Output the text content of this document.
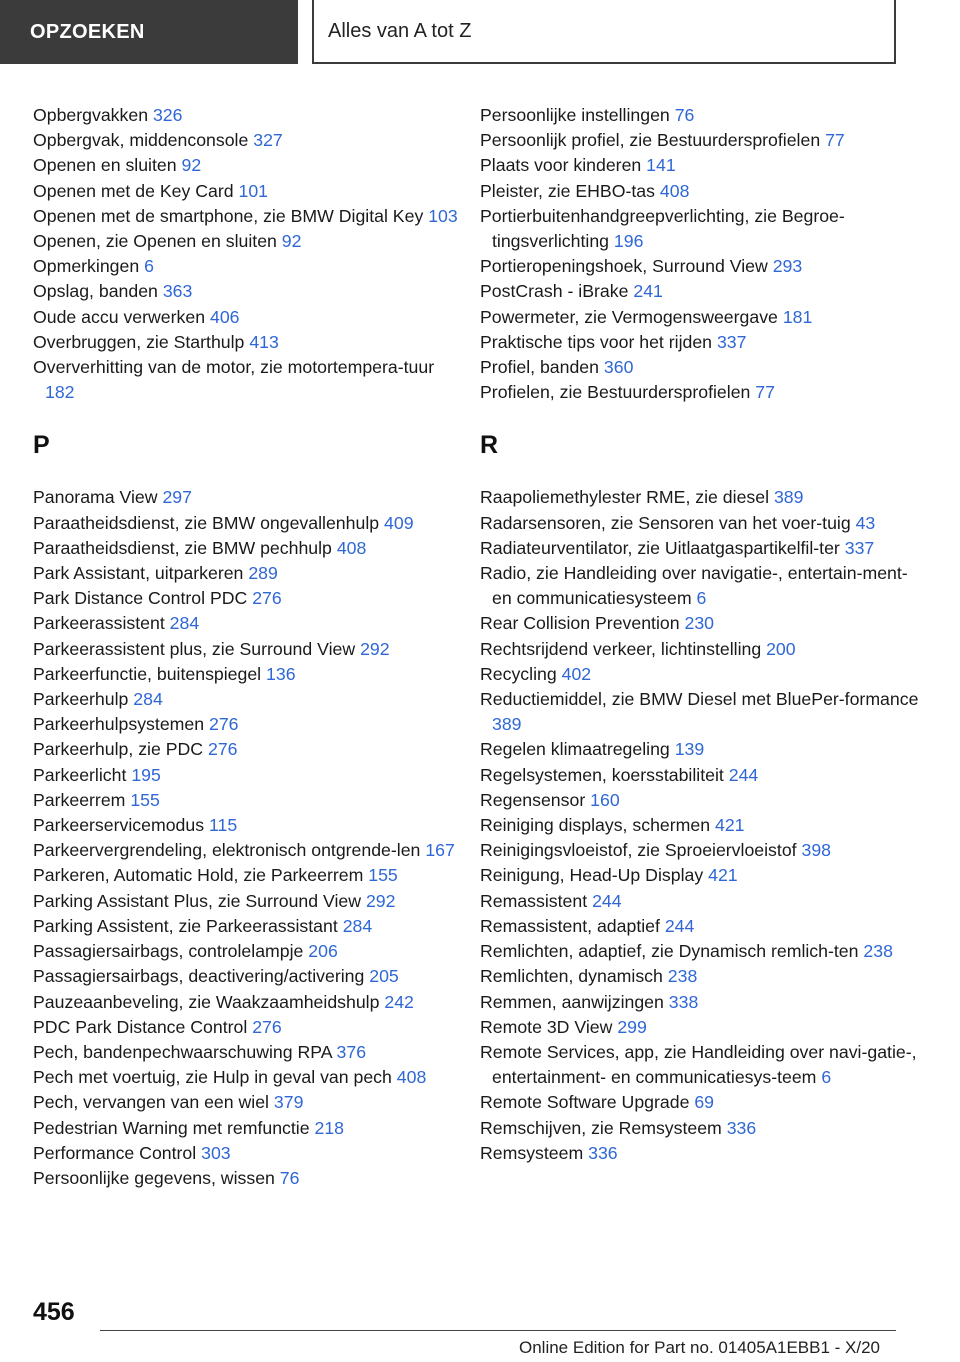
OPZOEKEN	Alles van A tot Z
Opbergvakken 326
Opbergvak, middenconsole 327
Openen en sluiten 92
Openen met de Key Card 101
Openen met de smartphone, zie BMW Digital Key 103
Openen, zie Openen en sluiten 92
Opmerkingen 6
Opslag, banden 363
Oude accu verwerken 406
Overbruggen, zie Starthulp 413
Oververhitting van de motor, zie motortempera-tuur 182
P
Panorama View 297
Paraatheidsdienst, zie BMW ongevallenhulp 409
Paraatheidsdienst, zie BMW pechhulp 408
Park Assistant, uitparkeren 289
Park Distance Control PDC 276
Parkeerassistent 284
Parkeerassistent plus, zie Surround View 292
Parkeerfunctie, buitenspiegel 136
Parkeerhulp 284
Parkeerhulpsystemen 276
Parkeerhulp, zie PDC 276
Parkeerlicht 195
Parkeerrem 155
Parkeerservicemodus 115
Parkeervergrendeling, elektronisch ontgrende-len 167
Parkeren, Automatic Hold, zie Parkeerrem 155
Parking Assistant Plus, zie Surround View 292
Parking Assistent, zie Parkeerassistant 284
Passagiersairbags, controlelampje 206
Passagiersairbags, deactivering/activering 205
Pauzeaanbeveling, zie Waakzaamheidshulp 242
PDC Park Distance Control 276
Pech, bandenpechwaarschuwing RPA 376
Pech met voertuig, zie Hulp in geval van pech 408
Pech, vervangen van een wiel 379
Pedestrian Warning met remfunctie 218
Performance Control 303
Persoonlijke gegevens, wissen 76
Persoonlijke instellingen 76
Persoonlijk profiel, zie Bestuurdersprofielen 77
Plaats voor kinderen 141
Pleister, zie EHBO-tas 408
Portierbuitenhandgreepverlichting, zie Begroe-tingsverlichting 196
Portieropeningshoek, Surround View 293
PostCrash - iBrake 241
Powermeter, zie Vermogensweergave 181
Praktische tips voor het rijden 337
Profiel, banden 360
Profielen, zie Bestuurdersprofielen 77
R
Raapoliemethylester RME, zie diesel 389
Radarsensoren, zie Sensoren van het voer-tuig 43
Radiateurventilator, zie Uitlaatgaspartikelfil-ter 337
Radio, zie Handleiding over navigatie-, entertain-ment- en communicatiesysteem 6
Rear Collision Prevention 230
Rechtsrijdend verkeer, lichtinstelling 200
Recycling 402
Reductiemiddel, zie BMW Diesel met BluePer-formance 389
Regelen klimaatregeling 139
Regelsystemen, koersstabiliteit 244
Regensensor 160
Reiniging displays, schermen 421
Reinigingsvloeistof, zie Sproeiervloeistof 398
Reinigung, Head-Up Display 421
Remassistent 244
Remassistent, adaptief 244
Remlichten, adaptief, zie Dynamisch remlich-ten 238
Remlichten, dynamisch 238
Remmen, aanwijzingen 338
Remote 3D View 299
Remote Services, app, zie Handleiding over navi-gatie-, entertainment- en communicatiesys-teem 6
Remote Software Upgrade 69
Remschijven, zie Remsysteem 336
Remsysteem 336
456
Online Edition for Part no. 01405A1EBB1 - X/20
